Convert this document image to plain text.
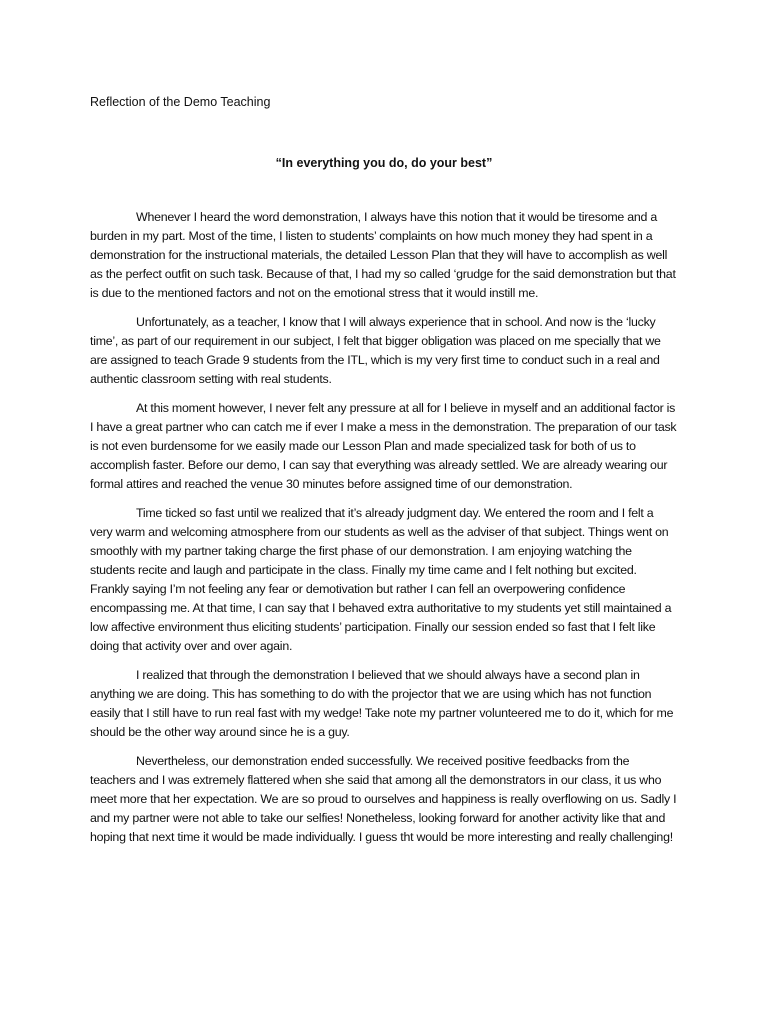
Reflection of the Demo Teaching
“In everything you do, do your best”

Whenever I heard the word demonstration, I always have this notion that it would be tiresome and a burden in my part. Most of the time, I listen to students’ complaints on how much money they had spent in a demonstration for the instructional materials, the detailed Lesson Plan that they will have to accomplish as well as the perfect outfit on such task. Because of that, I had my so called ‘grudge for the said demonstration but that is due to the mentioned factors and not on the emotional stress that it would instill me.

Unfortunately, as a teacher, I know that I will always experience that in school. And now is the ‘lucky time’, as part of our requirement in our subject, I felt that bigger obligation was placed on me specially that we are assigned to teach Grade 9 students from the ITL, which is my very first time to conduct such in a real and authentic classroom setting with real students.

At this moment however, I never felt any pressure at all for I believe in myself and an additional factor is I have a great partner who can catch me if ever I make a mess in the demonstration. The preparation of our task is not even burdensome for we easily made our Lesson Plan and made specialized task for both of us to accomplish faster. Before our demo, I can say that everything was already settled. We are already wearing our formal attires and reached the venue 30 minutes before assigned time of our demonstration.

Time ticked so fast until we realized that it’s already judgment day. We entered the room and I felt a very warm and welcoming atmosphere from our students as well as the adviser of that subject. Things went on smoothly with my partner taking charge the first phase of our demonstration. I am enjoying watching the students recite and laugh and participate in the class. Finally my time came and I felt nothing but excited. Frankly saying I’m not feeling any fear or demotivation but rather I can fell an overpowering confidence encompassing me. At that time, I can say that I behaved extra authoritative to my students yet still maintained a low affective environment thus eliciting students’ participation. Finally our session ended so fast that I felt like doing that activity over and over again.

I realized that through the demonstration I believed that we should always have a second plan in anything we are doing. This has something to do with the projector that we are using which has not function easily that I still have to run real fast with my wedge! Take note my partner volunteered me to do it, which for me should be the other way around since he is a guy.

Nevertheless, our demonstration ended successfully. We received positive feedbacks from the teachers and I was extremely flattered when she said that among all the demonstrators in our class, it us who meet more that her expectation. We are so proud to ourselves and happiness is really overflowing on us. Sadly I and my partner were not able to take our selfies! Nonetheless, looking forward for another activity like that and hoping that next time it would be made individually. I guess tht would be more interesting and really challenging!
